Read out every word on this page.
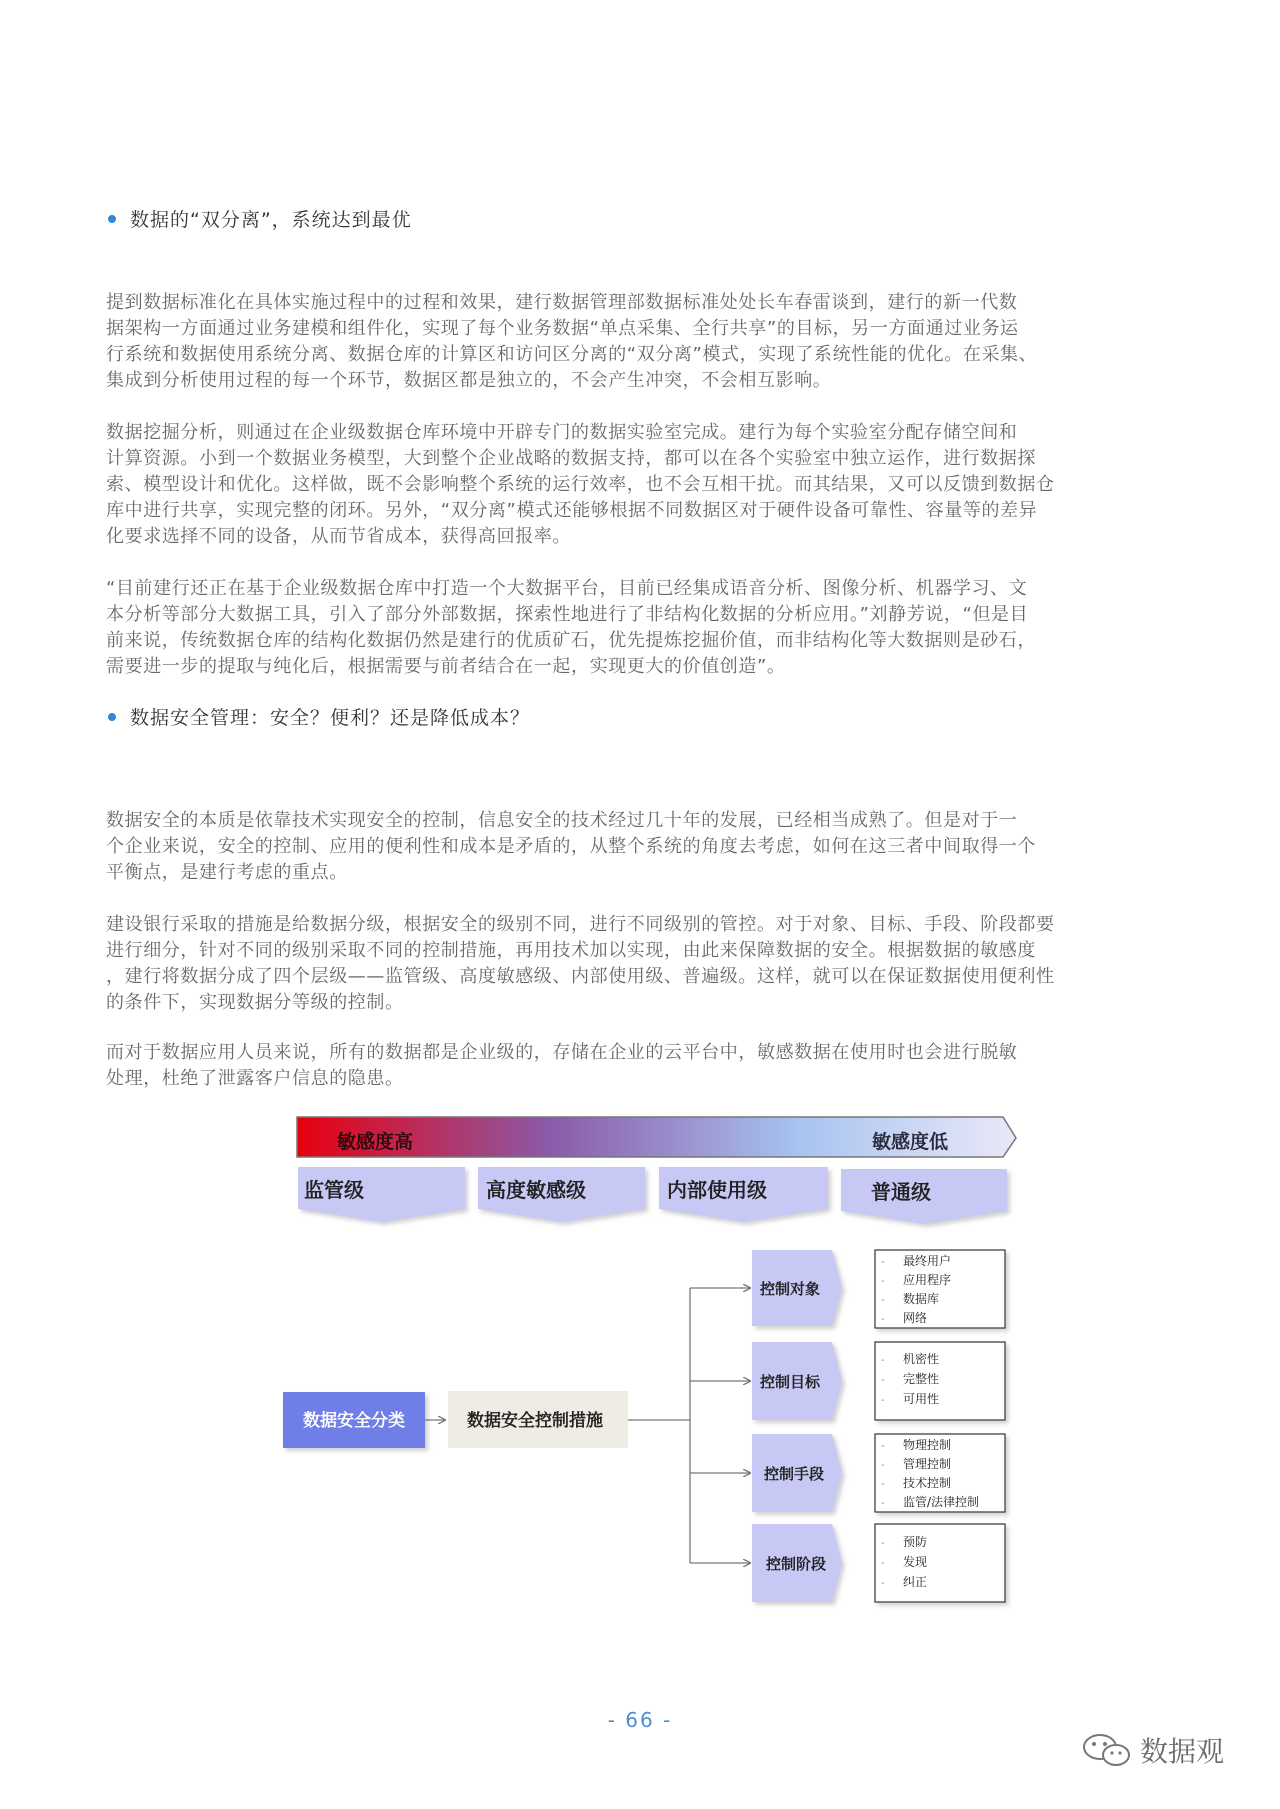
数据的“双分离”，系统达到最优
提到数据标准化在具体实施过程中的过程和效果，建行数据管理部数据标准处处长车春雷谈到，建行的新一代数
据架构一方面通过业务建模和组件化，实现了每个业务数据“单点采集、全行共享”的目标，另一方面通过业务运
行系统和数据使用系统分离、数据仓库的计算区和访问区分离的“双分离”模式，实现了系统性能的优化。在采集、
集成到分析使用过程的每一个环节，数据区都是独立的，不会产生冲突，不会相互影响。
数据挖掘分析，则通过在企业级数据仓库环境中开辟专门的数据实验室完成。建行为每个实验室分配存储空间和
计算资源。小到一个数据业务模型，大到整个企业战略的数据支持，都可以在各个实验室中独立运作，进行数据探
索、模型设计和优化。这样做，既不会影响整个系统的运行效率，也不会互相干扰。而其结果，又可以反馈到数据仓
库中进行共享，实现完整的闭环。另外，“双分离”模式还能够根据不同数据区对于硬件设备可靠性、容量等的差异
化要求选择不同的设备，从而节省成本，获得高回报率。
“目前建行还正在基于企业级数据仓库中打造一个大数据平台，目前已经集成语音分析、图像分析、机器学习、文
本分析等部分大数据工具，引入了部分外部数据，探索性地进行了非结构化数据的分析应用。”刘静芳说，“但是目
前来说，传统数据仓库的结构化数据仍然是建行的优质矿石，优先提炼挖掘价值，而非结构化等大数据则是砂石，
需要进一步的提取与纯化后，根据需要与前者结合在一起，实现更大的价值创造”。
数据安全管理：安全？便利？还是降低成本？
数据安全的本质是依靠技术实现安全的控制，信息安全的技术经过几十年的发展，已经相当成熟了。但是对于一
个企业来说，安全的控制、应用的便利性和成本是矛盾的，从整个系统的角度去考虑，如何在这三者中间取得一个
平衡点，是建行考虑的重点。
建设银行采取的措施是给数据分级，根据安全的级别不同，进行不同级别的管控。对于对象、目标、手段、阶段都要
进行细分，针对不同的级别采取不同的控制措施，再用技术加以实现，由此来保障数据的安全。根据数据的敏感度
，建行将数据分成了四个层级——监管级、高度敏感级、内部使用级、普遍级。这样，就可以在保证数据使用便利性
的条件下，实现数据分等级的控制。
而对于数据应用人员来说，所有的数据都是企业级的，存储在企业的云平台中，敏感数据在使用时也会进行脱敏
处理，杜绝了泄露客户信息的隐患。
敏感度高	敏感度低
监管级	高度敏感级	内部使用级	普通级
数据安全分类	数据安全控制措施
控制对象
- 最终用户
- 应用程序
- 数据库
- 网络
控制目标
- 机密性
- 完整性
- 可用性
控制手段
- 物理控制
- 管理控制
- 技术控制
- 监管/法律控制
控制阶段
- 预防
- 发现
- 纠正
- 66 -
数据观
